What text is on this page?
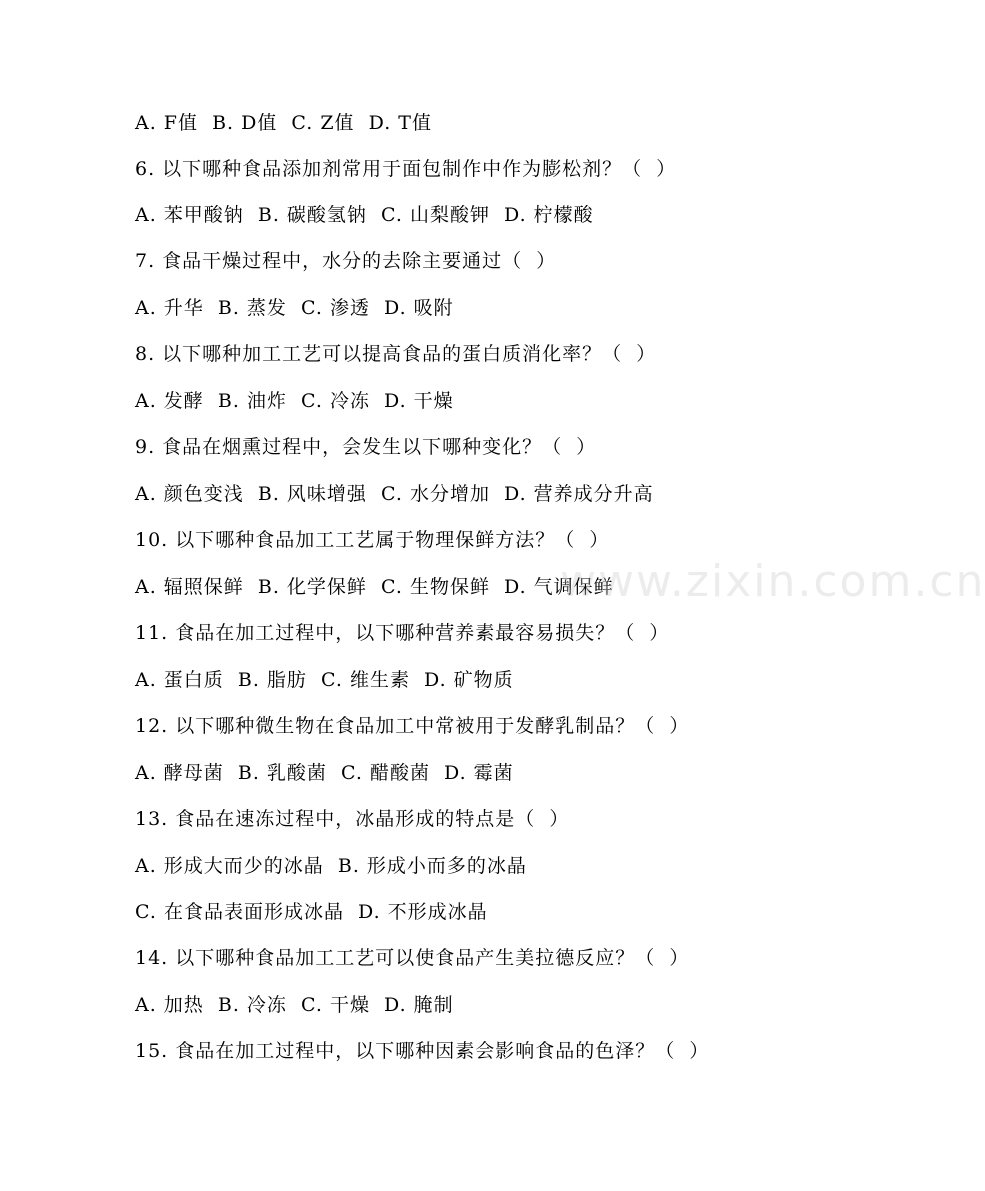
A. F值  B. D值  C. Z值  D. T值
6. 以下哪种食品添加剂常用于面包制作中作为膨松剂？（  ）
A. 苯甲酸钠  B. 碳酸氢钠  C. 山梨酸钾  D. 柠檬酸
7. 食品干燥过程中，水分的去除主要通过（  ）
A. 升华  B. 蒸发  C. 渗透  D. 吸附
8. 以下哪种加工工艺可以提高食品的蛋白质消化率？（  ）
A. 发酵  B. 油炸  C. 冷冻  D. 干燥
9. 食品在烟熏过程中，会发生以下哪种变化？（  ）
A. 颜色变浅  B. 风味增强  C. 水分增加  D. 营养成分升高
10. 以下哪种食品加工工艺属于物理保鲜方法？（  ）
A. 辐照保鲜  B. 化学保鲜  C. 生物保鲜  D. 气调保鲜
11. 食品在加工过程中，以下哪种营养素最容易损失？（  ）
A. 蛋白质  B. 脂肪  C. 维生素  D. 矿物质
12. 以下哪种微生物在食品加工中常被用于发酵乳制品？（  ）
A. 酵母菌  B. 乳酸菌  C. 醋酸菌  D. 霉菌
13. 食品在速冻过程中，冰晶形成的特点是（  ）
A. 形成大而少的冰晶  B. 形成小而多的冰晶
C. 在食品表面形成冰晶  D. 不形成冰晶
14. 以下哪种食品加工工艺可以使食品产生美拉德反应？（  ）
A. 加热  B. 冷冻  C. 干燥  D. 腌制
15. 食品在加工过程中，以下哪种因素会影响食品的色泽？（  ）
www.zixin.com.cn
